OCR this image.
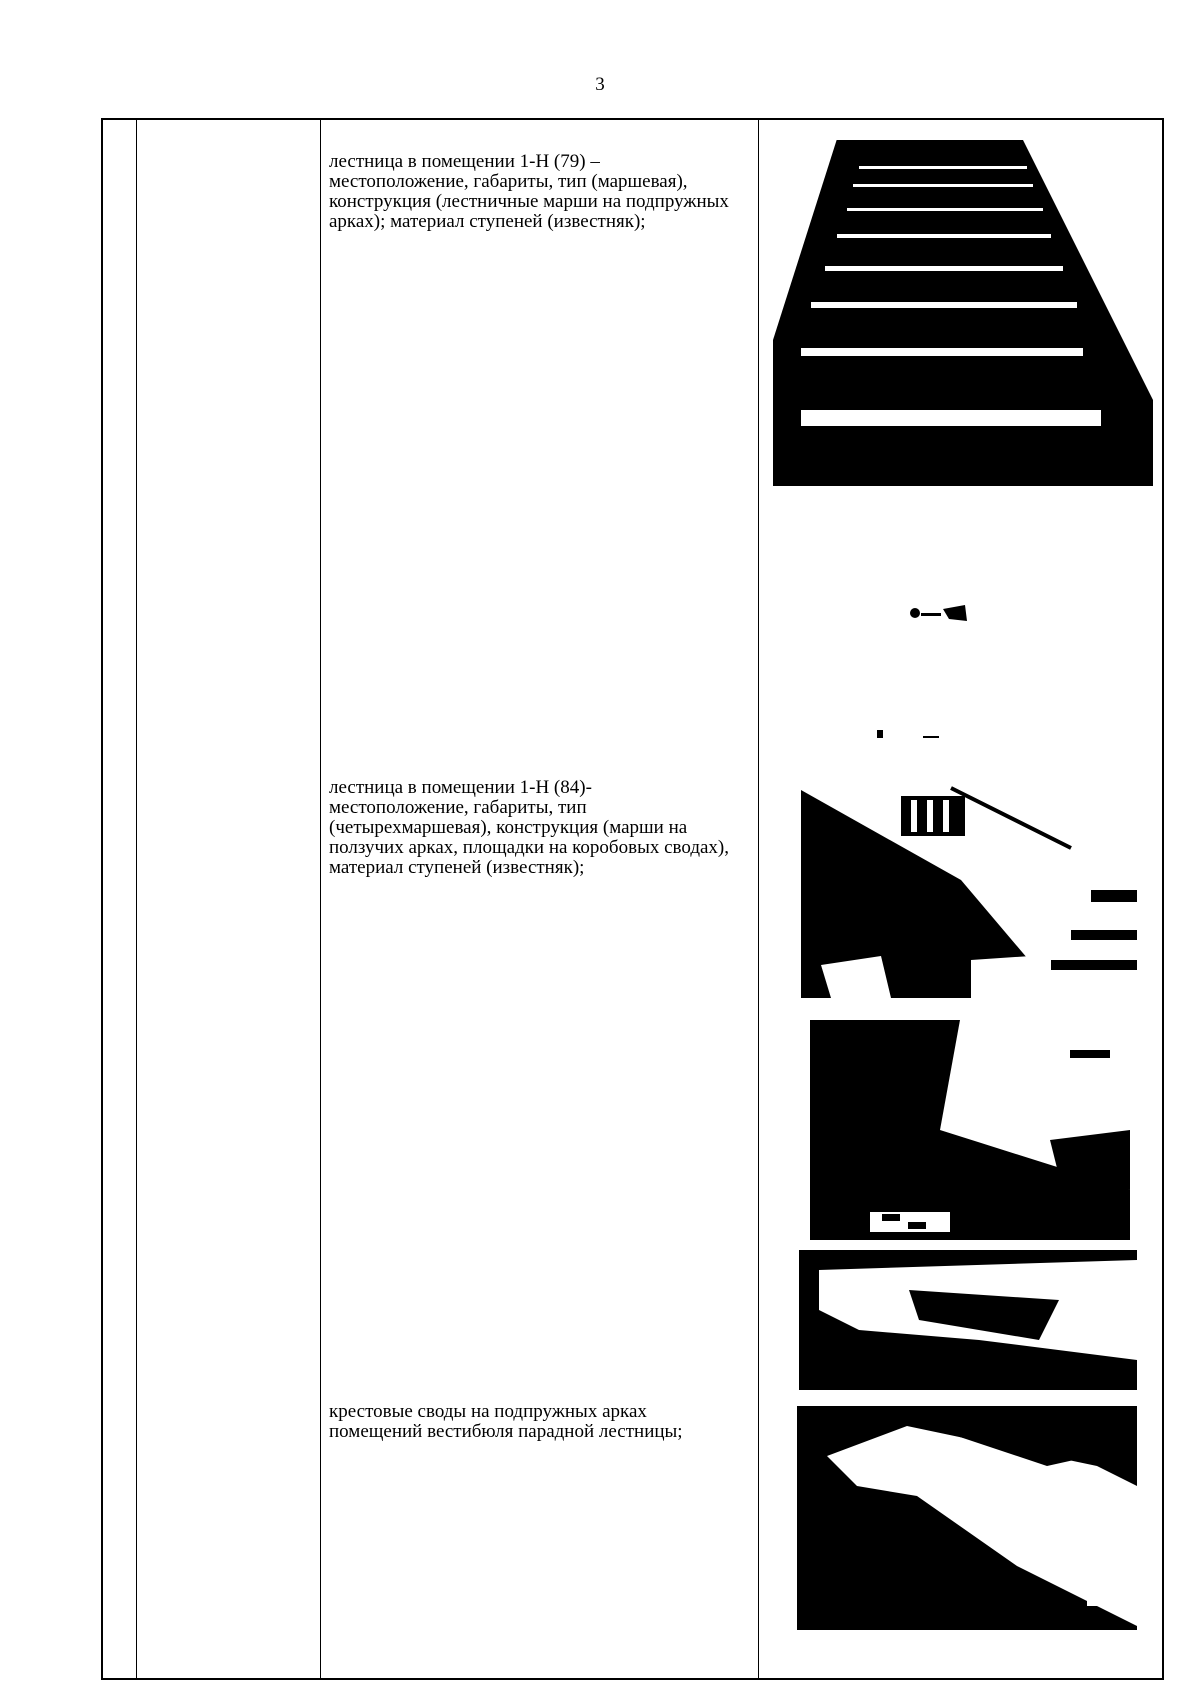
3
лестница в помещении 1-Н (79) – местоположение, габариты, тип (маршевая), конструкция (лестничные марши на подпружных арках); материал ступеней (известняк);
лестница в помещении 1-Н (84)- местоположение, габариты, тип (четырехмаршевая), конструкция (марши на ползучих арках, площадки на коробовых сводах), материал ступеней (известняк);
крестовые своды на подпружных арках помещений вестибюля парадной лестницы;
